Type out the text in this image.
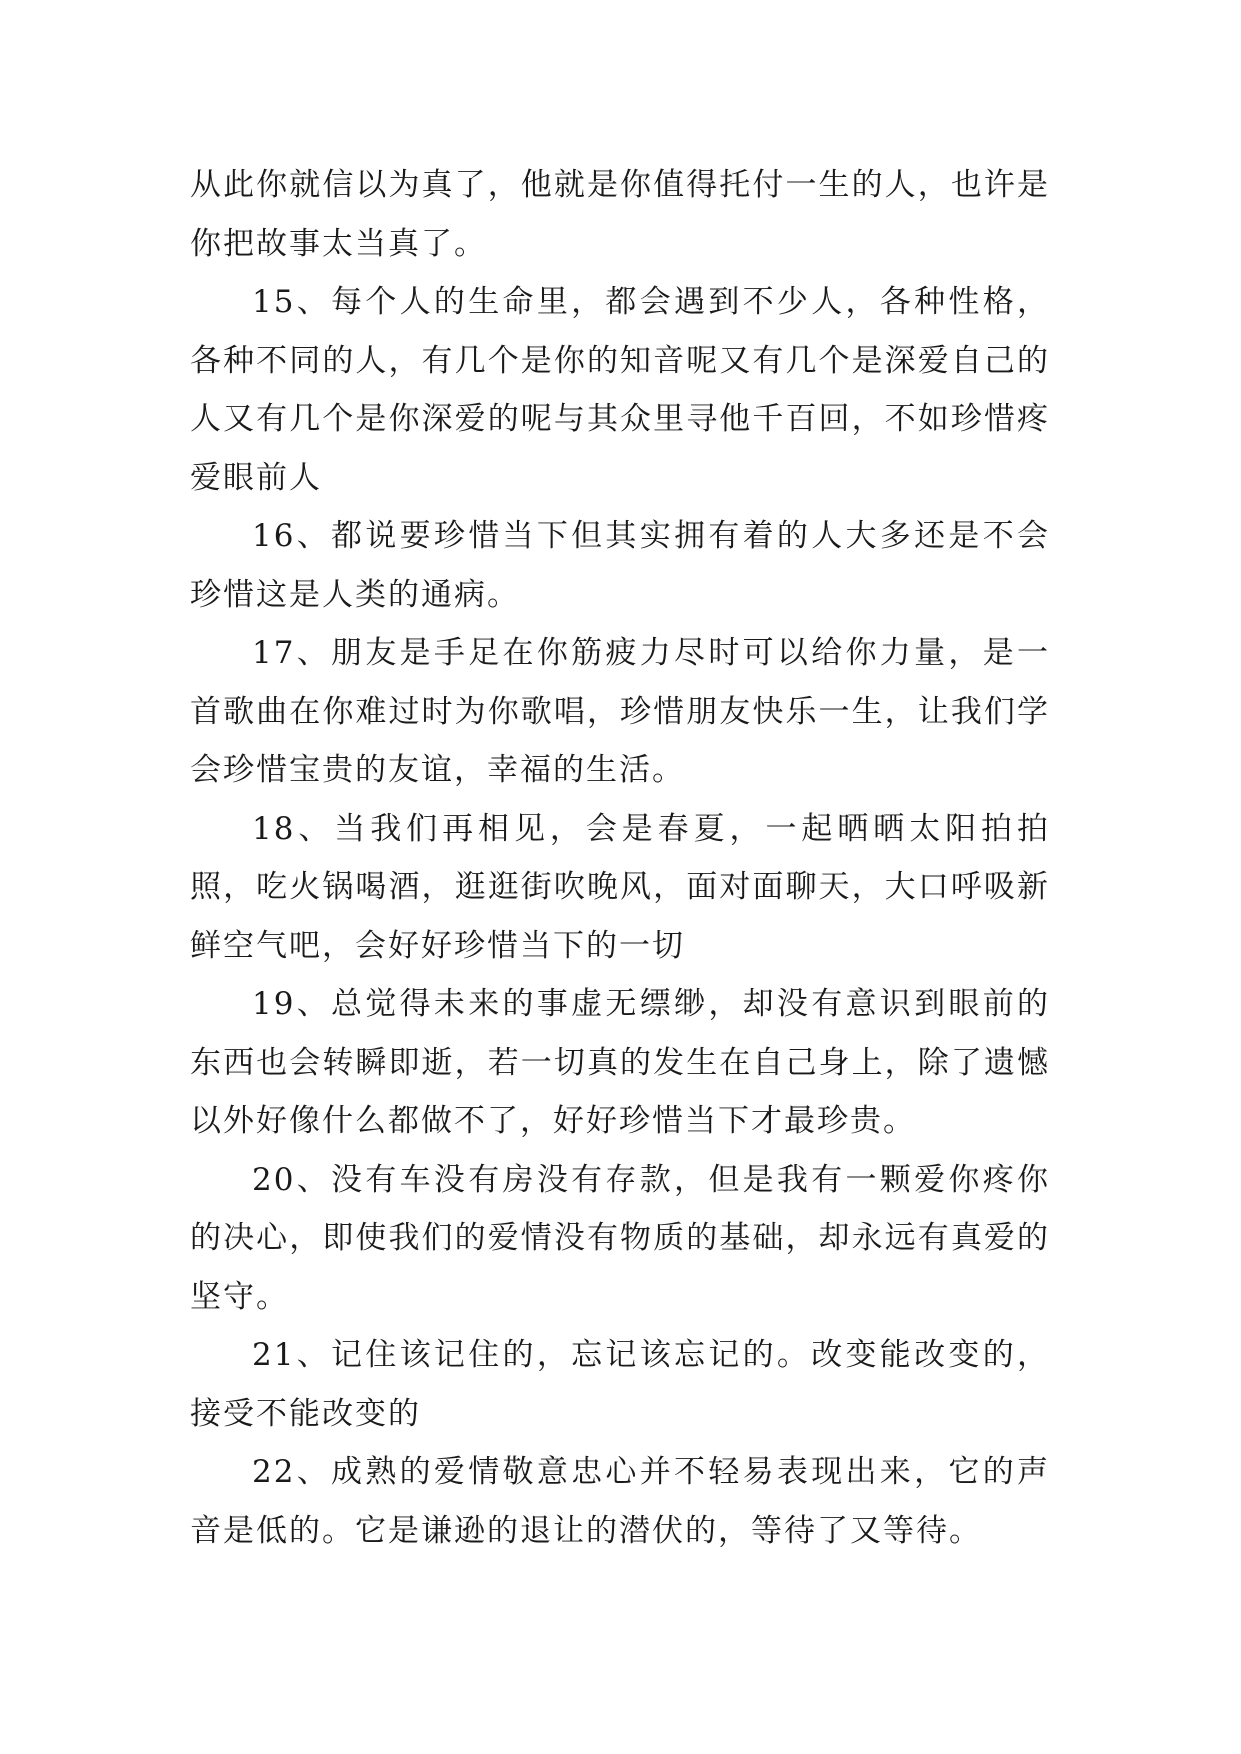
从此你就信以为真了，他就是你值得托付一生的人，也许是你把故事太当真了。

15、每个人的生命里，都会遇到不少人，各种性格，各种不同的人，有几个是你的知音呢又有几个是深爱自己的人又有几个是你深爱的呢与其众里寻他千百回，不如珍惜疼爱眼前人

16、都说要珍惜当下但其实拥有着的人大多还是不会珍惜这是人类的通病。

17、朋友是手足在你筋疲力尽时可以给你力量，是一首歌曲在你难过时为你歌唱，珍惜朋友快乐一生，让我们学会珍惜宝贵的友谊，幸福的生活。

18、当我们再相见，会是春夏，一起晒晒太阳拍拍照，吃火锅喝酒，逛逛街吹晚风，面对面聊天，大口呼吸新鲜空气吧，会好好珍惜当下的一切

19、总觉得未来的事虚无缥缈，却没有意识到眼前的东西也会转瞬即逝，若一切真的发生在自己身上，除了遗憾以外好像什么都做不了，好好珍惜当下才最珍贵。

20、没有车没有房没有存款，但是我有一颗爱你疼你的决心，即使我们的爱情没有物质的基础，却永远有真爱的坚守。

21、记住该记住的，忘记该忘记的。改变能改变的，接受不能改变的

22、成熟的爱情敬意忠心并不轻易表现出来，它的声音是低的。它是谦逊的退让的潜伏的，等待了又等待。
